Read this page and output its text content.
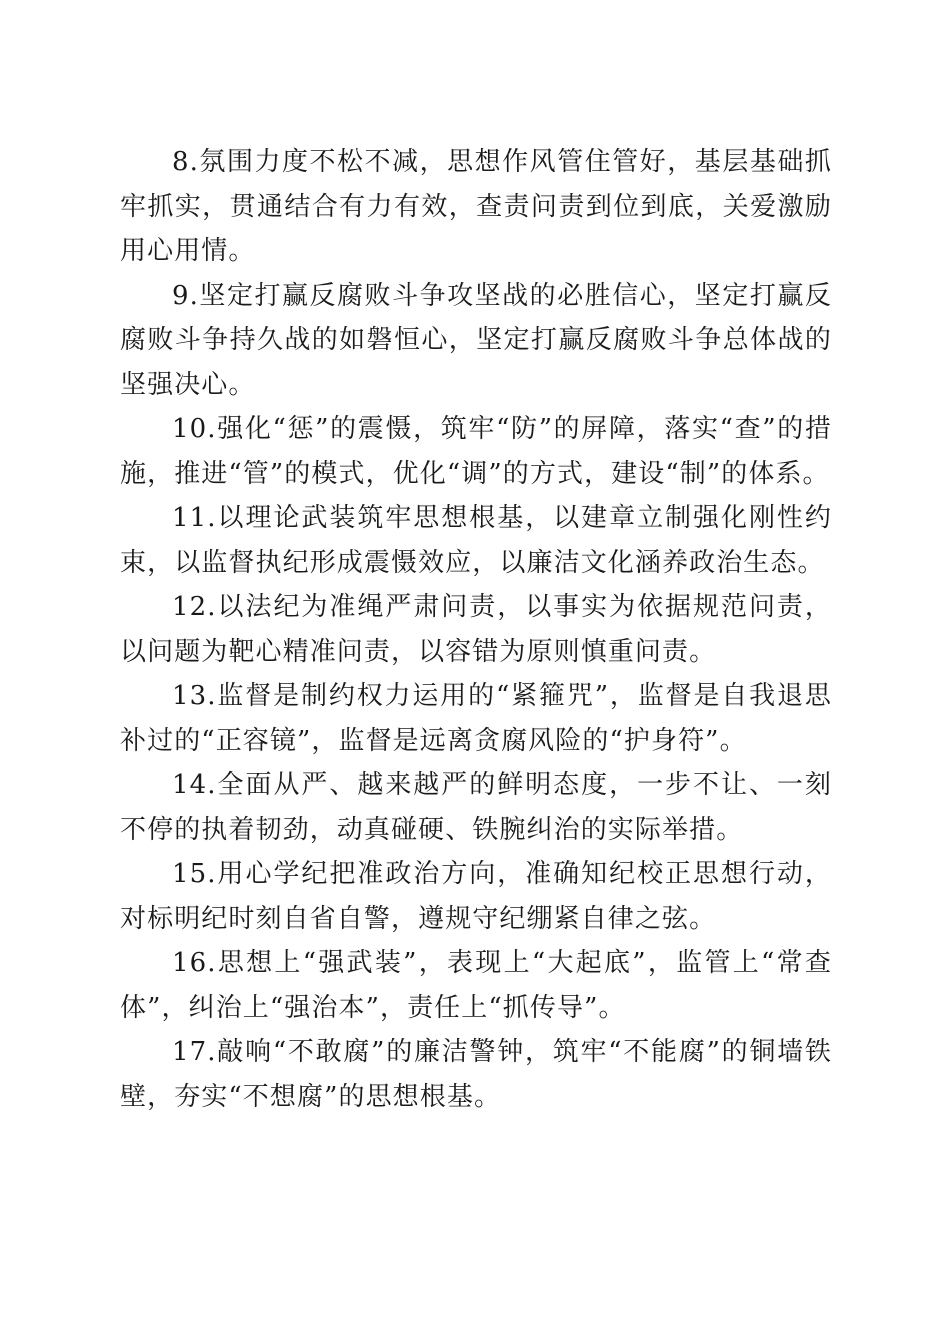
8.氛围力度不松不减，思想作风管住管好，基层基础抓牢抓实，贯通结合有力有效，查责问责到位到底，关爱激励用心用情。

9.坚定打赢反腐败斗争攻坚战的必胜信心，坚定打赢反腐败斗争持久战的如磐恒心，坚定打赢反腐败斗争总体战的坚强决心。

10.强化“惩”的震慑，筑牢“防”的屏障，落实“查”的措施，推进“管”的模式，优化“调”的方式，建设“制”的体系。

11.以理论武装筑牢思想根基，以建章立制强化刚性约束，以监督执纪形成震慑效应，以廉洁文化涵养政治生态。

12.以法纪为准绳严肃问责，以事实为依据规范问责，以问题为靶心精准问责，以容错为原则慎重问责。

13.监督是制约权力运用的“紧箍咒”，监督是自我退思补过的“正容镜”，监督是远离贪腐风险的“护身符”。

14.全面从严、越来越严的鲜明态度，一步不让、一刻不停的执着韧劲，动真碰硬、铁腕纠治的实际举措。

15.用心学纪把准政治方向，准确知纪校正思想行动，对标明纪时刻自省自警，遵规守纪绷紧自律之弦。

16.思想上“强武装”，表现上“大起底”，监管上“常查体”，纠治上“强治本”，责任上“抓传导”。

17.敲响“不敢腐”的廉洁警钟，筑牢“不能腐”的铜墙铁壁，夯实“不想腐”的思想根基。
